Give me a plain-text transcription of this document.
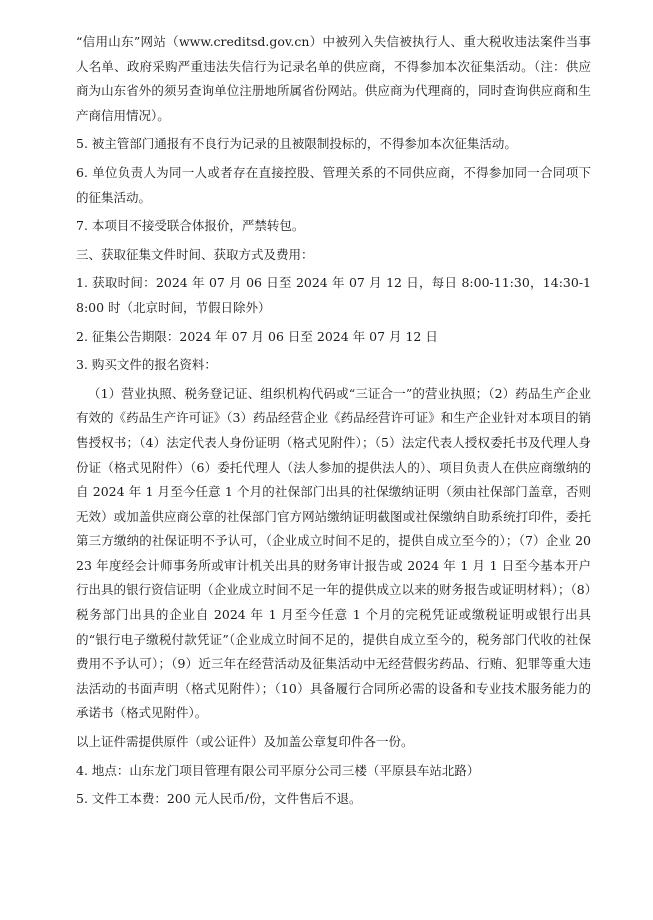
“信用山东”网站（www.creditsd.gov.cn）中被列入失信被执行人、重大税收违法案件当事人名单、政府采购严重违法失信行为记录名单的供应商，不得参加本次征集活动。（注：供应商为山东省外的须另查询单位注册地所属省份网站。供应商为代理商的，同时查询供应商和生产商信用情况）。

5. 被主管部门通报有不良行为记录的且被限制投标的，不得参加本次征集活动。

6. 单位负责人为同一人或者存在直接控股、管理关系的不同供应商，不得参加同一合同项下的征集活动。

7. 本项目不接受联合体报价，严禁转包。

三、获取征集文件时间、获取方式及费用：

1. 获取时间：2024 年 07 月 06 日至 2024 年 07 月 12 日，每日 8:00-11:30，14:30-18:00 时（北京时间，节假日除外）

2. 征集公告期限：2024 年 07 月 06 日至 2024 年 07 月 12 日

3. 购买文件的报名资料：

（1）营业执照、税务登记证、组织机构代码或“三证合一”的营业执照；（2）药品生产企业有效的《药品生产许可证》（3）药品经营企业《药品经营许可证》和生产企业针对本项目的销售授权书；（4）法定代表人身份证明（格式见附件）；（5）法定代表人授权委托书及代理人身份证（格式见附件）（6）委托代理人（法人参加的提供法人的）、项目负责人在供应商缴纳的自 2024 年 1 月至今任意 1 个月的社保部门出具的社保缴纳证明（须由社保部门盖章，否则无效）或加盖供应商公章的社保部门官方网站缴纳证明截图或社保缴纳自助系统打印件，委托第三方缴纳的社保证明不予认可，（企业成立时间不足的，提供自成立至今的）；（7）企业 2023 年度经会计师事务所或审计机关出具的财务审计报告或 2024 年 1 月 1 日至今基本开户行出具的银行资信证明（企业成立时间不足一年的提供成立以来的财务报告或证明材料）；（8）税务部门出具的企业自 2024 年 1 月至今任意 1 个月的完税凭证或缴税证明或银行出具的“银行电子缴税付款凭证”（企业成立时间不足的，提供自成立至今的，税务部门代收的社保费用不予认可）；（9）近三年在经营活动及征集活动中无经营假劣药品、行贿、犯罪等重大违法活动的书面声明（格式见附件）；（10）具备履行合同所必需的设备和专业技术服务能力的承诺书（格式见附件）。

以上证件需提供原件（或公证件）及加盖公章复印件各一份。

4. 地点：山东龙门项目管理有限公司平原分公司三楼（平原县车站北路）

5. 文件工本费：200 元人民币/份，文件售后不退。
